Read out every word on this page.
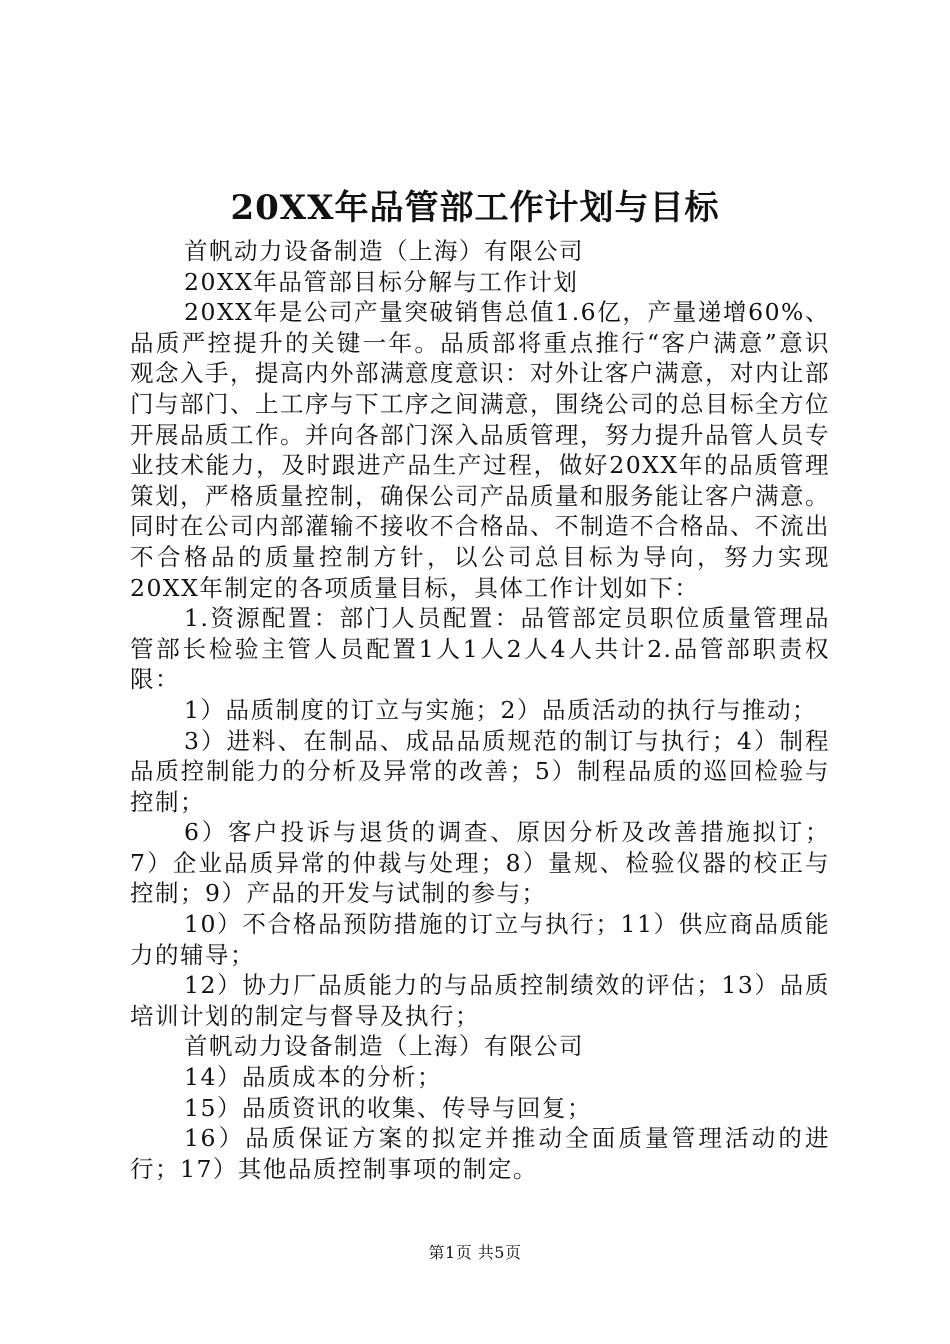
20XX年品管部工作计划与目标

首帆动力设备制造（上海）有限公司

20XX年品管部目标分解与工作计划

20XX年是公司产量突破销售总值1.6亿，产量递增60%、品质严控提升的关键一年。品质部将重点推行“客户满意”意识观念入手，提高内外部满意度意识：对外让客户满意，对内让部门与部门、上工序与下工序之间满意，围绕公司的总目标全方位开展品质工作。并向各部门深入品质管理，努力提升品管人员专业技术能力，及时跟进产品生产过程，做好20XX年的品质管理策划，严格质量控制，确保公司产品质量和服务能让客户满意。同时在公司内部灌输不接收不合格品、不制造不合格品、不流出不合格品的质量控制方针，以公司总目标为导向，努力实现20XX年制定的各项质量目标，具体工作计划如下：

1.资源配置：部门人员配置：品管部定员职位质量管理品管部长检验主管人员配置1人1人2人4人共计2.品管部职责权限：

1）品质制度的订立与实施；2）品质活动的执行与推动；

3）进料、在制品、成品品质规范的制订与执行；4）制程品质控制能力的分析及异常的改善；5）制程品质的巡回检验与控制；

6）客户投诉与退货的调查、原因分析及改善措施拟订；7）企业品质异常的仲裁与处理；8）量规、检验仪器的校正与控制；9）产品的开发与试制的参与；

10）不合格品预防措施的订立与执行；11）供应商品质能力的辅导；

12）协力厂品质能力的与品质控制绩效的评估；13）品质培训计划的制定与督导及执行；

首帆动力设备制造（上海）有限公司

14）品质成本的分析；

15）品质资讯的收集、传导与回复；

16）品质保证方案的拟定并推动全面质量管理活动的进行；17）其他品质控制事项的制定。

第1页 共5页
